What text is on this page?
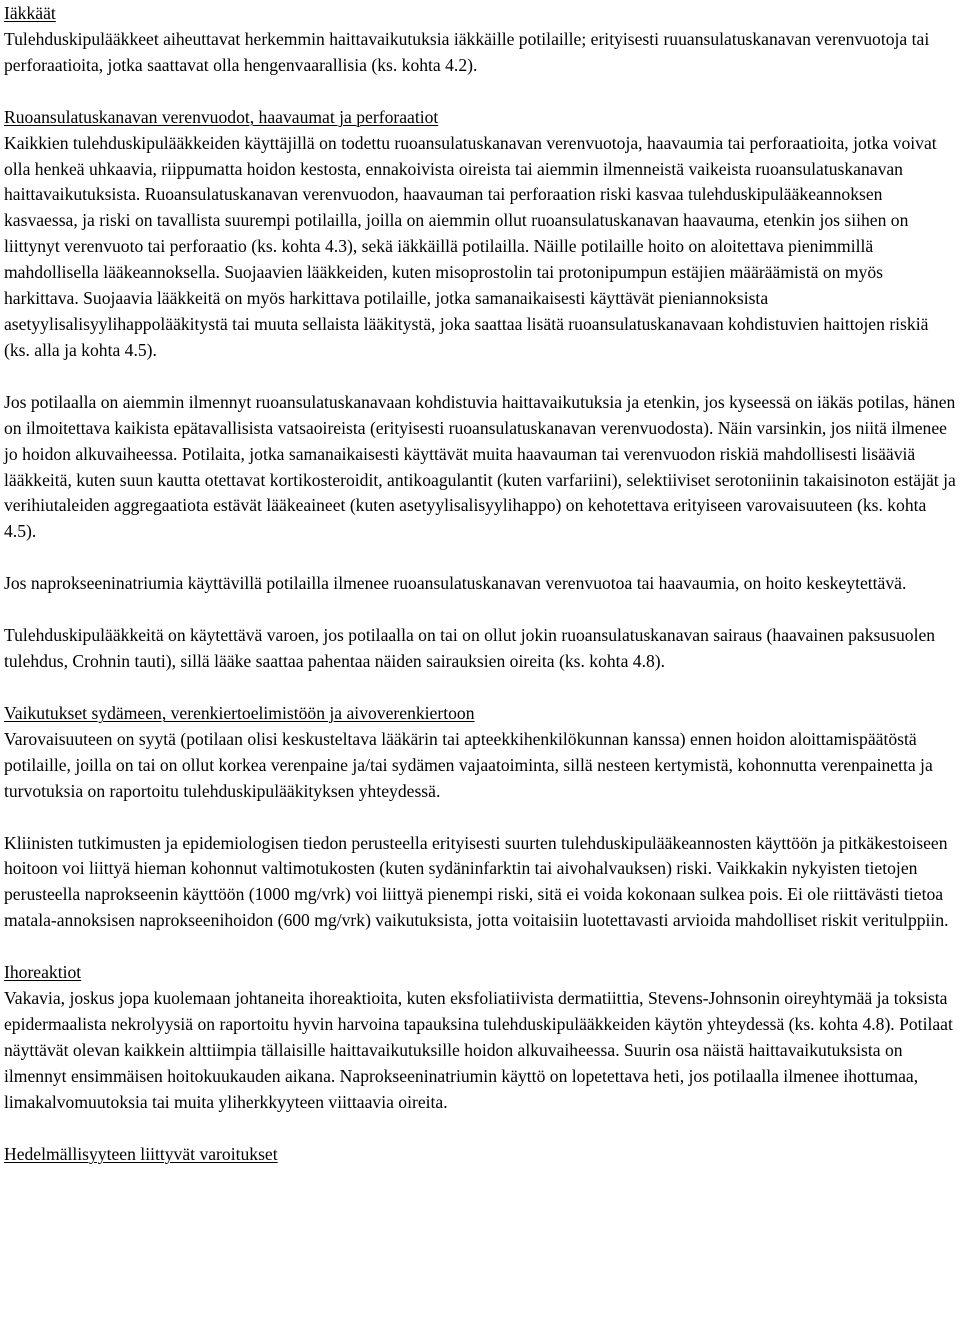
Iäkkäät

Tulehduskipulääkkeet aiheuttavat herkemmin haittavaikutuksia iäkkäille potilaille; erityisesti ruuansulatuskanavan verenvuotoja tai perforaatioita, jotka saattavat olla hengenvaarallisia (ks. kohta 4.2).

Ruoansulatuskanavan verenvuodot, haavaumat ja perforaatiot

Kaikkien tulehduskipulääkkeiden käyttäjillä on todettu ruoansulatuskanavan verenvuotoja, haavaumia tai perforaatioita, jotka voivat olla henkeä uhkaavia, riippumatta hoidon kestosta, ennakoivista oireista tai aiemmin ilmenneistä vaikeista ruoansulatuskanavan haittavaikutuksista. Ruoansulatuskanavan verenvuodon, haavauman tai perforaation riski kasvaa tulehduskipulääkeannoksen kasvaessa, ja riski on tavallista suurempi potilailla, joilla on aiemmin ollut ruoansulatuskanavan haavauma, etenkin jos siihen on liittynyt verenvuoto tai perforaatio (ks. kohta 4.3), sekä iäkkäillä potilailla. Näille potilaille hoito on aloitettava pienimmillä mahdollisella lääkeannoksella. Suojaavien lääkkeiden, kuten misoprostolin tai protonipumpun estäjien määräämistä on myös harkittava. Suojaavia lääkkeitä on myös harkittava potilaille, jotka samanaikaisesti käyttävät pieniannoksista asetyylisalisyylihappolääkitystä tai muuta sellaista lääkitystä, joka saattaa lisätä ruoansulatuskanavaan kohdistuvien haittojen riskiä (ks. alla ja kohta 4.5).

Jos potilaalla on aiemmin ilmennyt ruoansulatuskanavaan kohdistuvia haittavaikutuksia ja etenkin, jos kyseessä on iäkäs potilas, hänen on ilmoitettava kaikista epätavallisista vatsaoireista (erityisesti ruoansulatuskanavan verenvuodosta). Näin varsinkin, jos niitä ilmenee jo hoidon alkuvaiheessa. Potilaita, jotka samanaikaisesti käyttävät muita haavauman tai verenvuodon riskiä mahdollisesti lisääviä lääkkeitä, kuten suun kautta otettavat kortikosteroidit, antikoagulantit (kuten varfariini), selektiiviset serotoniinin takaisinoton estäjät ja verihiutaleiden aggregaatiota estävät lääkeaineet (kuten asetyylisalisyylihappo) on kehotettava erityiseen varovaisuuteen (ks. kohta 4.5).

Jos naprokseeninatriumia käyttävillä potilailla ilmenee ruoansulatuskanavan verenvuotoa tai haavaumia, on hoito keskeytettävä.

Tulehduskipulääkkeitä on käytettävä varoen, jos potilaalla on tai on ollut jokin ruoansulatuskanavan sairaus (haavainen paksusuolen tulehdus, Crohnin tauti), sillä lääke saattaa pahentaa näiden sairauksien oireita (ks. kohta 4.8).

Vaikutukset sydämeen, verenkiertoelimistöön ja aivoverenkiertoon

Varovaisuuteen on syytä (potilaan olisi keskusteltava lääkärin tai apteekkihenkilökunnan kanssa) ennen hoidon aloittamispäätöstä potilaille, joilla on tai on ollut korkea verenpaine ja/tai sydämen vajaatoiminta, sillä nesteen kertymistä, kohonnutta verenpainetta ja turvotuksia on raportoitu tulehduskipulääkityksen yhteydessä.

Kliinisten tutkimusten ja epidemiologisen tiedon perusteella erityisesti suurten tulehduskipulääkeannosten käyttöön ja pitkäkestoiseen hoitoon voi liittyä hieman kohonnut valtimotukosten (kuten sydäninfarktin tai aivohalvauksen) riski. Vaikkakin nykyisten tietojen perusteella naprokseenin käyttöön (1000 mg/vrk) voi liittyä pienempi riski, sitä ei voida kokonaan sulkea pois. Ei ole riittävästi tietoa matala-annoksisen naprokseenihoidon (600 mg/vrk) vaikutuksista, jotta voitaisiin luotettavasti arvioida mahdolliset riskit veritulppiin.

Ihoreaktiot

Vakavia, joskus jopa kuolemaan johtaneita ihoreaktioita, kuten eksfoliatiivista dermatiittia, Stevens-Johnsonin oireyhtymää ja toksista epidermaalista nekrolyysiä on raportoitu hyvin harvoina tapauksina tulehduskipulääkkeiden käytön yhteydessä (ks. kohta 4.8). Potilaat näyttävät olevan kaikkein alttiimpia tällaisille haittavaikutuksille hoidon alkuvaiheessa. Suurin osa näistä haittavaikutuksista on ilmennyt ensimmäisen hoitokuukauden aikana. Naprokseeninatriumin käyttö on lopetettava heti, jos potilaalla ilmenee ihottumaa, limakalvomuutoksia tai muita yliherkkyyteen viittaavia oireita.

Hedelmällisyyteen liittyvät varoitukset
